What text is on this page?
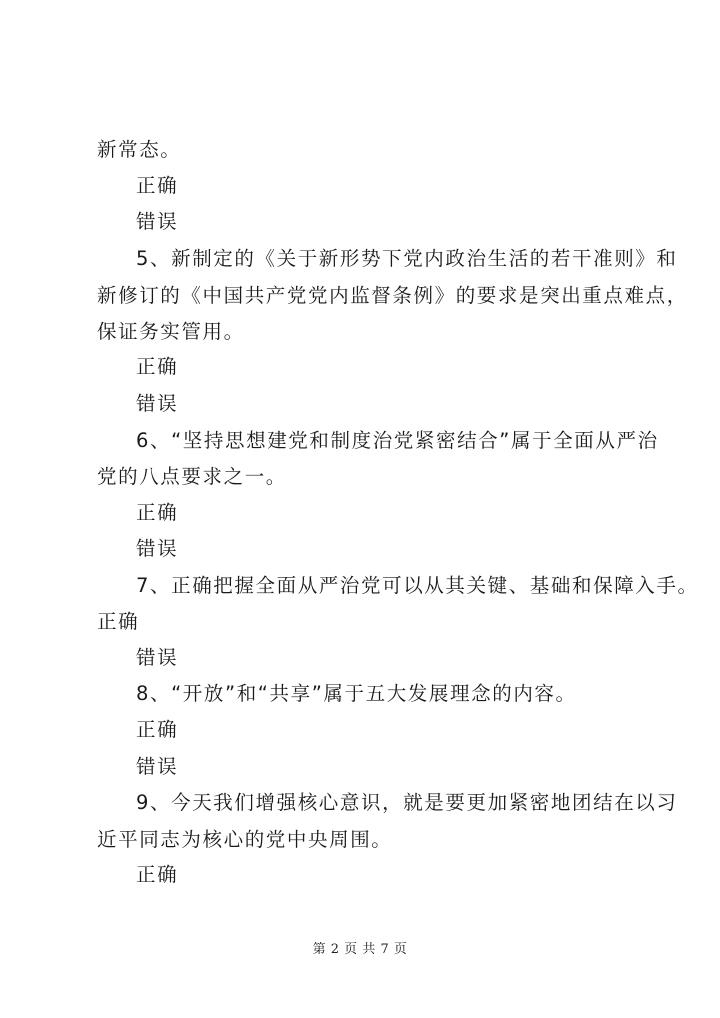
新常态。
正确
错误
5、新制定的《关于新形势下党内政治生活的若干准则》和
新修订的《中国共产党党内监督条例》的要求是突出重点难点，
保证务实管用。
正确
错误
6、“坚持思想建党和制度治党紧密结合”属于全面从严治
党的八点要求之一。
正确
错误
7、正确把握全面从严治党可以从其关键、基础和保障入手。
正确
错误
8、“开放”和“共享”属于五大发展理念的内容。
正确
错误
9、今天我们增强核心意识，就是要更加紧密地团结在以习
近平同志为核心的党中央周围。
正确
第 2 页 共 7 页
